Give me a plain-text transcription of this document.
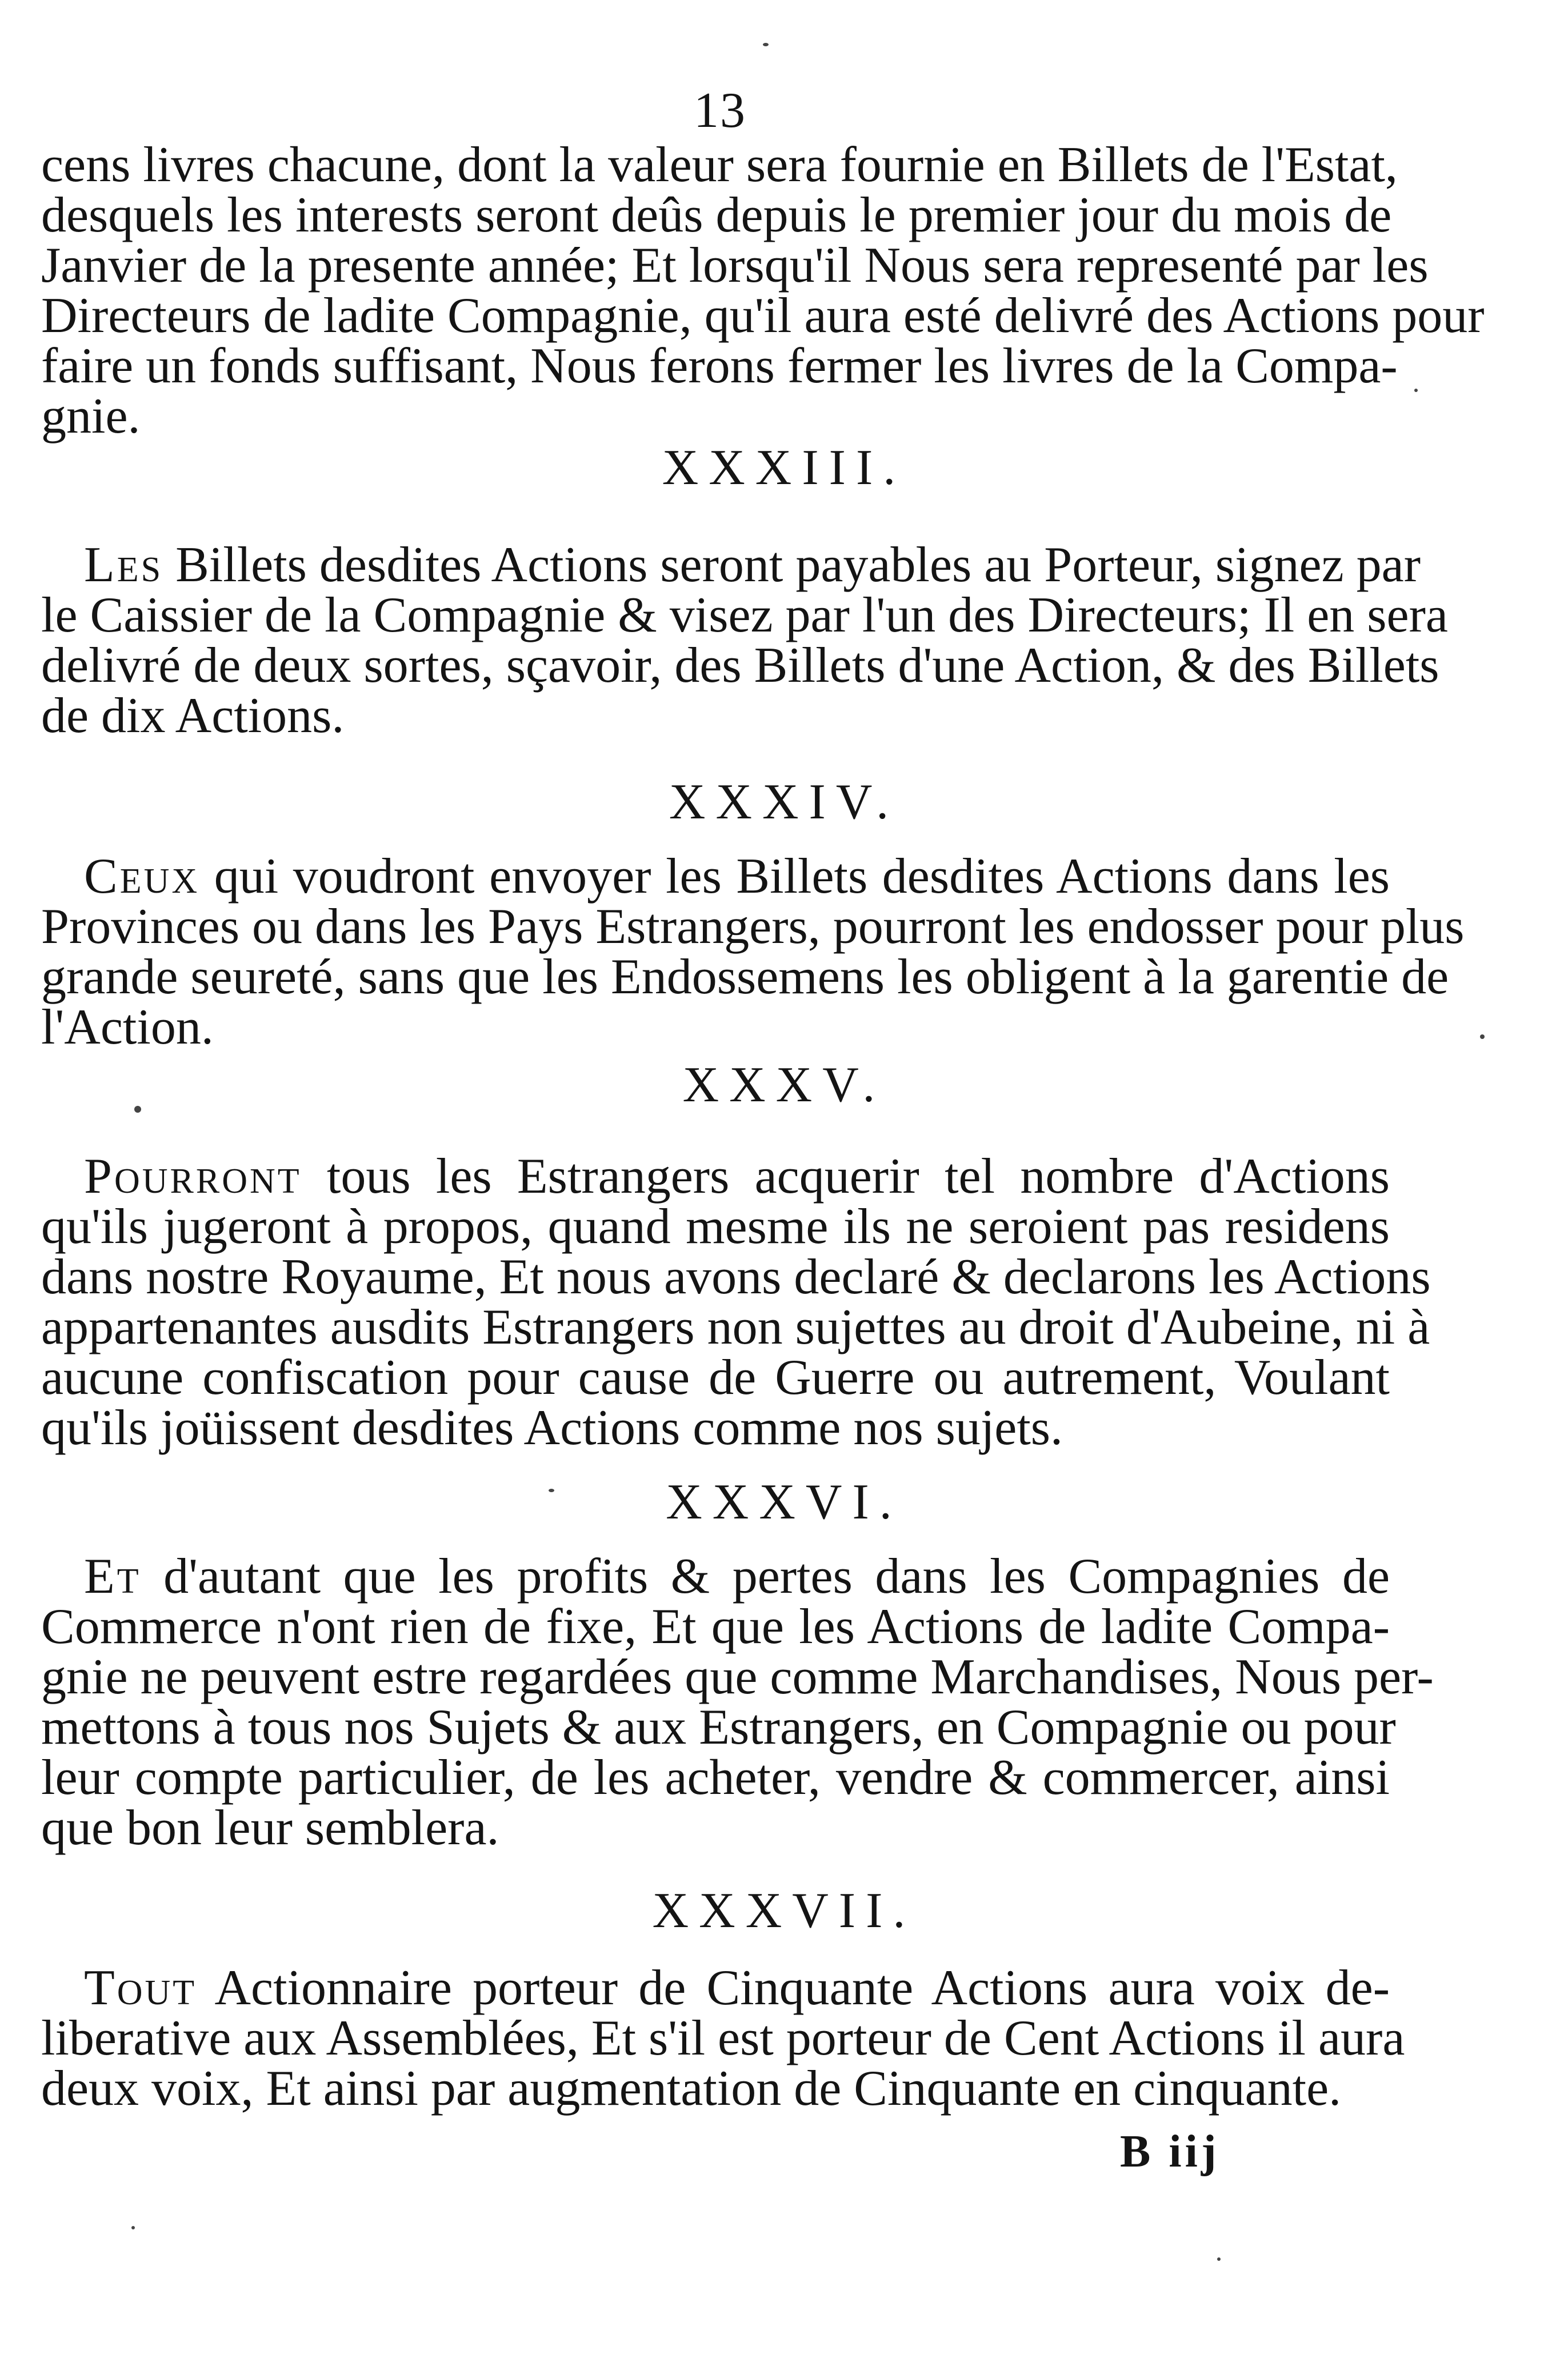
13
cens livres chacune, dont la valeur sera fournie en Billets de l'Estat,
desquels les interests seront deûs depuis le premier jour du mois de
Janvier de la presente année; Et lorsqu'il Nous sera representé par les
Directeurs de ladite Compagnie, qu'il aura esté delivré des Actions pour
faire un fonds suffisant, Nous ferons fermer les livres de la Compa-
gnie.
XXXIII.
Les Billets desdites Actions seront payables au Porteur, signez par
le Caissier de la Compagnie & visez par l'un des Directeurs; Il en sera
delivré de deux sortes, sçavoir, des Billets d'une Action, & des Billets
de dix Actions.
XXXIV.
Ceux qui voudront envoyer les Billets desdites Actions dans les
Provinces ou dans les Pays Estrangers, pourront les endosser pour plus
grande seureté, sans que les Endossemens les obligent à la garentie de
l'Action.
XXXV.
Pourront tous les Estrangers acquerir tel nombre d'Actions
qu'ils jugeront à propos, quand mesme ils ne seroient pas residens
dans nostre Royaume, Et nous avons declaré & declarons les Actions
appartenantes ausdits Estrangers non sujettes au droit d'Aubeine, ni à
aucune confiscation pour cause de Guerre ou autrement, Voulant
qu'ils joüissent desdites Actions comme nos sujets.
XXXVI.
Et d'autant que les profits & pertes dans les Compagnies de
Commerce n'ont rien de fixe, Et que les Actions de ladite Compa-
gnie ne peuvent estre regardées que comme Marchandises, Nous per-
mettons à tous nos Sujets & aux Estrangers, en Compagnie ou pour
leur compte particulier, de les acheter, vendre & commercer, ainsi
que bon leur semblera.
XXXVII.
Tout Actionnaire porteur de Cinquante Actions aura voix de-
liberative aux Assemblées, Et s'il est porteur de Cent Actions il aura
deux voix, Et ainsi par augmentation de Cinquante en cinquante.
B iij
